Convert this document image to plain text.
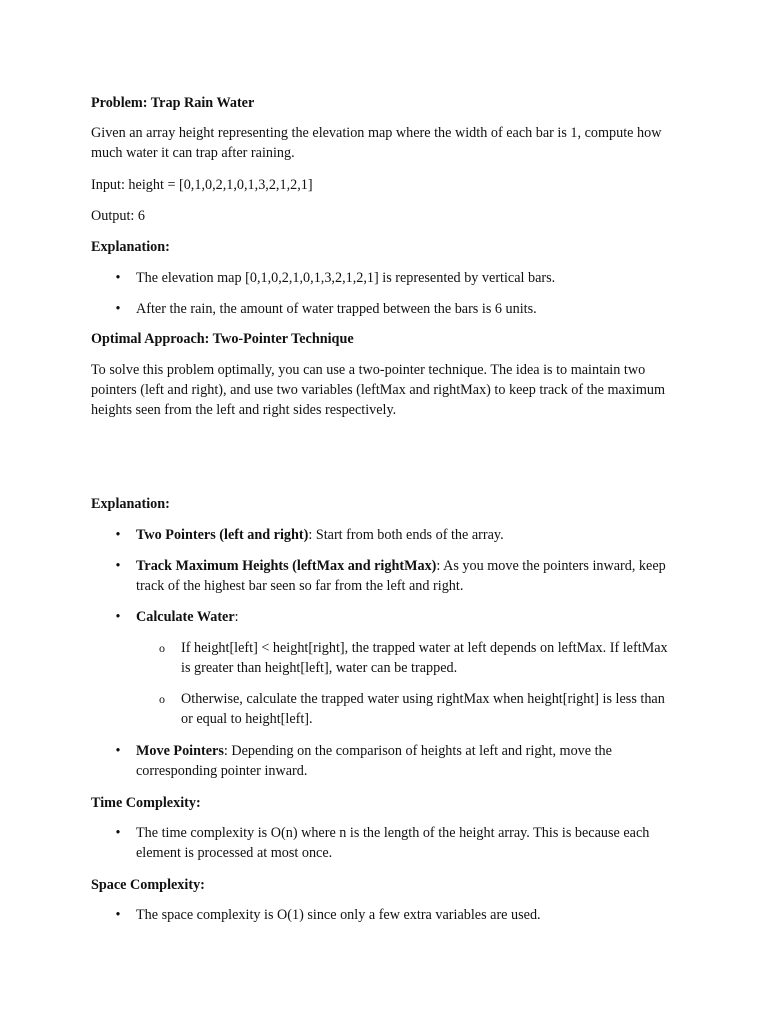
Problem: Trap Rain Water

Given an array height representing the elevation map where the width of each bar is 1, compute how much water it can trap after raining.

Input: height = [0,1,0,2,1,0,1,3,2,1,2,1]

Output: 6

Explanation:

• The elevation map [0,1,0,2,1,0,1,3,2,1,2,1] is represented by vertical bars.
• After the rain, the amount of water trapped between the bars is 6 units.

Optimal Approach: Two-Pointer Technique

To solve this problem optimally, you can use a two-pointer technique. The idea is to maintain two pointers (left and right), and use two variables (leftMax and rightMax) to keep track of the maximum heights seen from the left and right sides respectively.

Explanation:

• Two Pointers (left and right): Start from both ends of the array.
• Track Maximum Heights (leftMax and rightMax): As you move the pointers inward, keep track of the highest bar seen so far from the left and right.
• Calculate Water:
o If height[left] < height[right], the trapped water at left depends on leftMax. If leftMax is greater than height[left], water can be trapped.
o Otherwise, calculate the trapped water using rightMax when height[right] is less than or equal to height[left].
• Move Pointers: Depending on the comparison of heights at left and right, move the corresponding pointer inward.

Time Complexity:

• The time complexity is O(n) where n is the length of the height array. This is because each element is processed at most once.

Space Complexity:

• The space complexity is O(1) since only a few extra variables are used.
